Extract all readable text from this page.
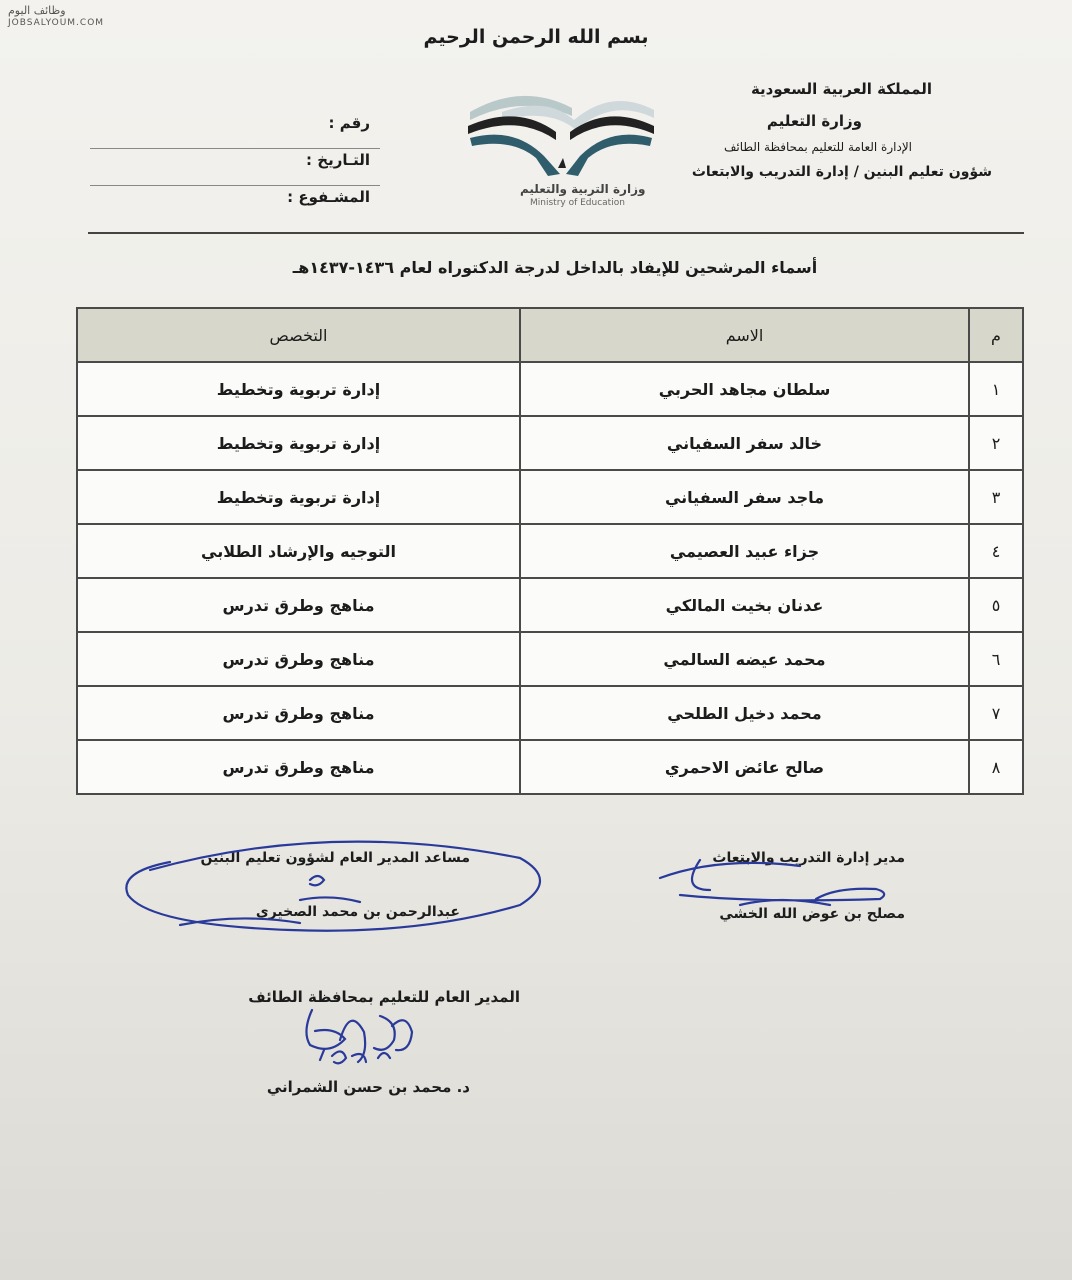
وظائف اليوم
JOBSALYOUM.COM
بسم الله الرحمن الرحيم
المملكة العربية السعودية
وزارة التعليم
الإدارة العامة للتعليم بمحافظة الطائف
شؤون تعليم البنين / إدارة التدريب والابتعاث
وزارة التربية والتعليم
Ministry of Education
رقم :
التـاريخ :
المشـفوع :
أسماء المرشحين للإيفاد بالداخل لدرجة الدكتوراه لعام ١٤٣٦-١٤٣٧هـ
م	الاسم	التخصص
١	سلطان مجاهد الحربي	إدارة تربوية وتخطيط
٢	خالد سفر السفياني	إدارة تربوية وتخطيط
٣	ماجد سفر السفياني	إدارة تربوية وتخطيط
٤	جزاء عبيد العصيمي	التوجيه والإرشاد الطلابي
٥	عدنان بخيت المالكي	مناهج وطرق تدرس
٦	محمد عيضه السالمي	مناهج وطرق تدرس
٧	محمد دخيل الطلحي	مناهج وطرق تدرس
٨	صالح عائض الاحمري	مناهج وطرق تدرس
مساعد المدير العام لشؤون تعليم البنين
عبدالرحمن بن محمد الصخيري
مدير إدارة التدريب والابتعاث
مصلح بن عوض الله الخشي
المدير العام للتعليم بمحافظة الطائف
د. محمد بن حسن الشمراني
